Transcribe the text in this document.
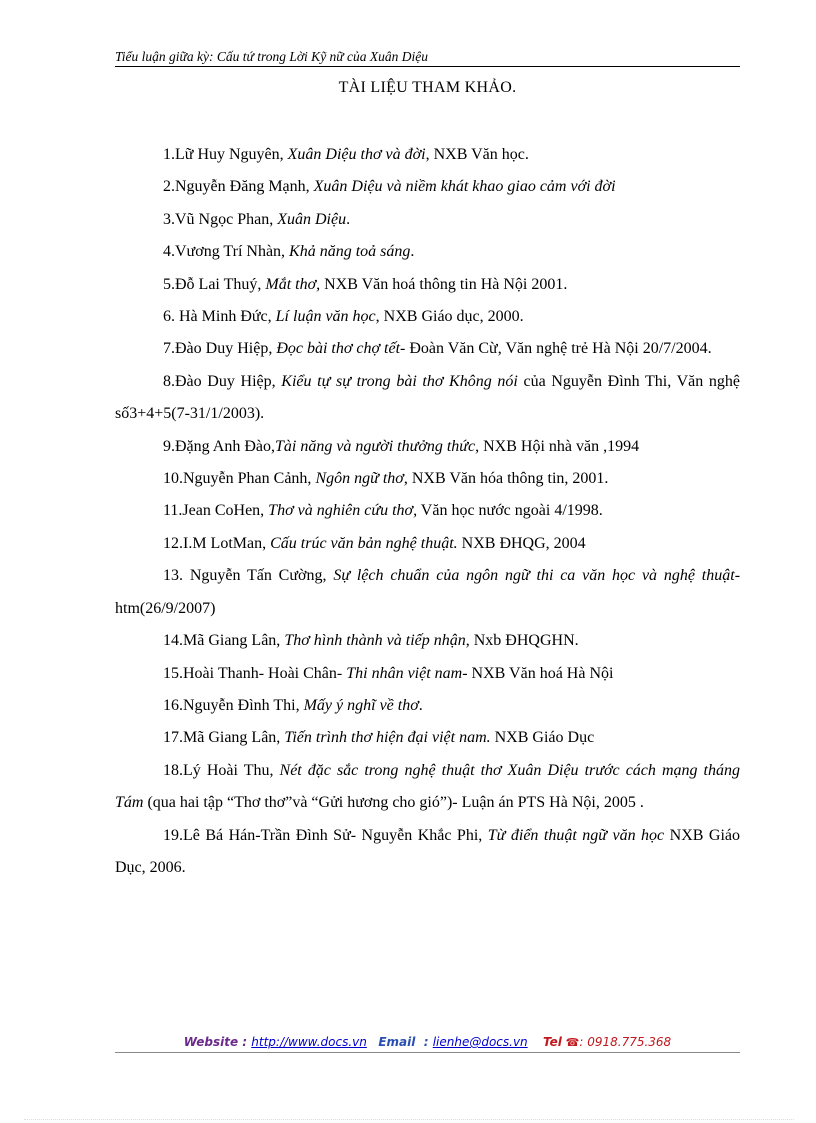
Tiểu luận giữa kỳ: Cấu tứ trong Lời Kỹ nữ của Xuân Diệu
TÀI LIỆU THAM KHẢO.

1.Lữ Huy Nguyên, Xuân Diệu thơ và đời, NXB Văn học.

2.Nguyễn Đăng Mạnh, Xuân Diệu và niềm khát khao giao cảm với đời

3.Vũ Ngọc Phan, Xuân Diệu.

4.Vương Trí Nhàn, Khả năng toả sáng.

5.Đỗ Lai Thuý, Mắt thơ, NXB Văn hoá thông tin Hà Nội 2001.

6. Hà Minh Đức, Lí luận văn học, NXB Giáo dục, 2000.

7.Đào Duy Hiệp, Đọc bài thơ chợ tết- Đoàn Văn Cừ, Văn nghệ trẻ Hà Nội 20/7/2004.

8.Đào Duy Hiệp, Kiểu tự sự trong bài thơ Không nói của Nguyễn Đình Thi, Văn nghệ số3+4+5(7-31/1/2003).

9.Đặng Anh Đào,Tài năng và người thưởng thức, NXB Hội nhà văn ,1994

10.Nguyễn Phan Cảnh, Ngôn ngữ thơ, NXB Văn hóa thông tin, 2001.

11.Jean CoHen, Thơ và nghiên cứu thơ, Văn học nước ngoài 4/1998.

12.I.M LotMan, Cấu trúc văn bản nghệ thuật. NXB ĐHQG, 2004

13. Nguyễn Tấn Cường, Sự lệch chuẩn của ngôn ngữ thi ca văn học và nghệ thuật- htm(26/9/2007)

14.Mã Giang Lân, Thơ hình thành và tiếp nhận, Nxb ĐHQGHN.

15.Hoài Thanh- Hoài Chân- Thi nhân việt nam- NXB Văn hoá Hà Nội

16.Nguyễn Đình Thi, Mấy ý nghĩ về thơ.

17.Mã Giang Lân, Tiến trình thơ hiện đại việt nam. NXB Giáo Dục

18.Lý Hoài Thu, Nét đặc sắc trong nghệ thuật thơ Xuân Diệu trước cách mạng tháng Tám (qua hai tập “Thơ thơ”và “Gửi hương cho gió”)- Luận án PTS Hà Nội, 2005 .

19.Lê Bá Hán-Trần Đình Sử- Nguyễn Khắc Phi, Từ điển thuật ngữ văn học NXB Giáo Dục, 2006.

Website : http://www.docs.vn Email  : lienhe@docs.vn Tel ☎: 0918.775.368
